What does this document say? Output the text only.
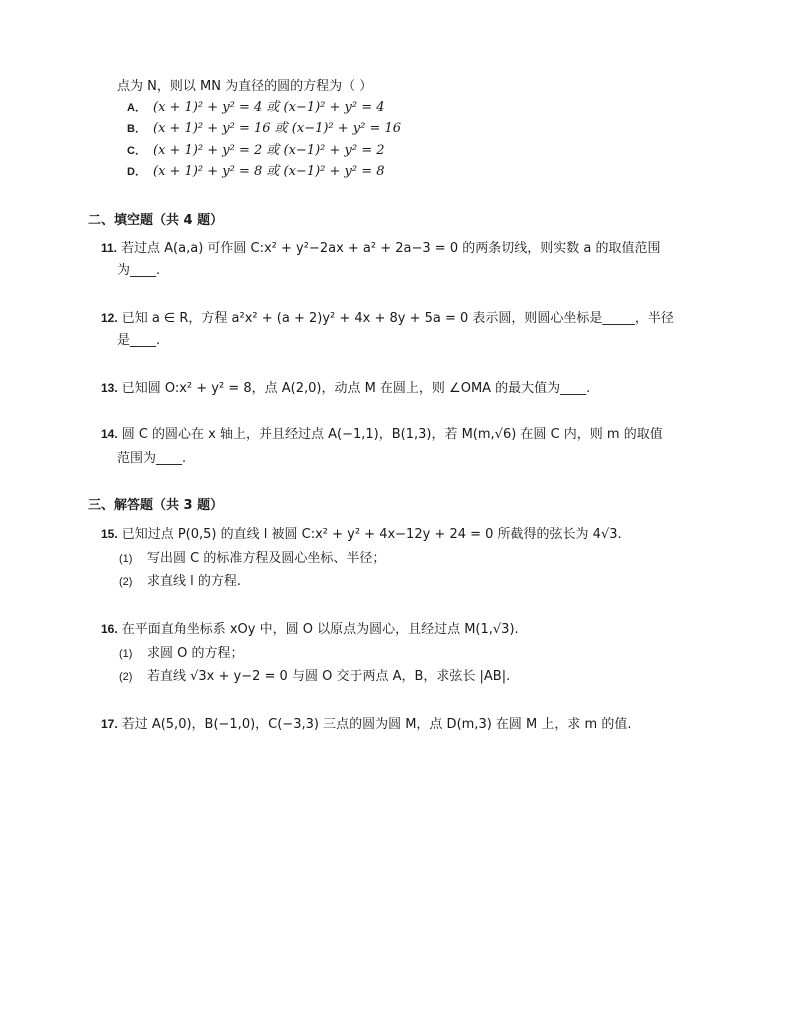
点为 N，则以 MN 为直径的圆的方程为（ ）
A． (x + 1)² + y² = 4 或 (x−1)² + y² = 4
B． (x + 1)² + y² = 16 或 (x−1)² + y² = 16
C． (x + 1)² + y² = 2 或 (x−1)² + y² = 2
D． (x + 1)² + y² = 8 或 (x−1)² + y² = 8
二、填空题（共 4 题）
11. 若过点 A(a,a) 可作圆 C:x² + y²−2ax + a² + 2a−3 = 0 的两条切线，则实数 a 的取值范围
为____.
12. 已知 a ∈ R，方程 a²x² + (a + 2)y² + 4x + 8y + 5a = 0 表示圆，则圆心坐标是_____，半径
是____.
13. 已知圆 O:x² + y² = 8，点 A(2,0)，动点 M 在圆上，则 ∠OMA 的最大值为____.
14. 圆 C 的圆心在 x 轴上，并且经过点 A(−1,1)，B(1,3)，若 M(m,√6) 在圆 C 内，则 m 的取值
范围为____.
三、解答题（共 3 题）
15. 已知过点 P(0,5) 的直线 l 被圆 C:x² + y² + 4x−12y + 24 = 0 所截得的弦长为 4√3.
(1) 写出圆 C 的标准方程及圆心坐标、半径；
(2) 求直线 l 的方程.
16. 在平面直角坐标系 xOy 中，圆 O 以原点为圆心，且经过点 M(1,√3).
(1) 求圆 O 的方程；
(2) 若直线 √3x + y−2 = 0 与圆 O 交于两点 A，B，求弦长 |AB|.
17. 若过 A(5,0)，B(−1,0)，C(−3,3) 三点的圆为圆 M，点 D(m,3) 在圆 M 上，求 m 的值.
